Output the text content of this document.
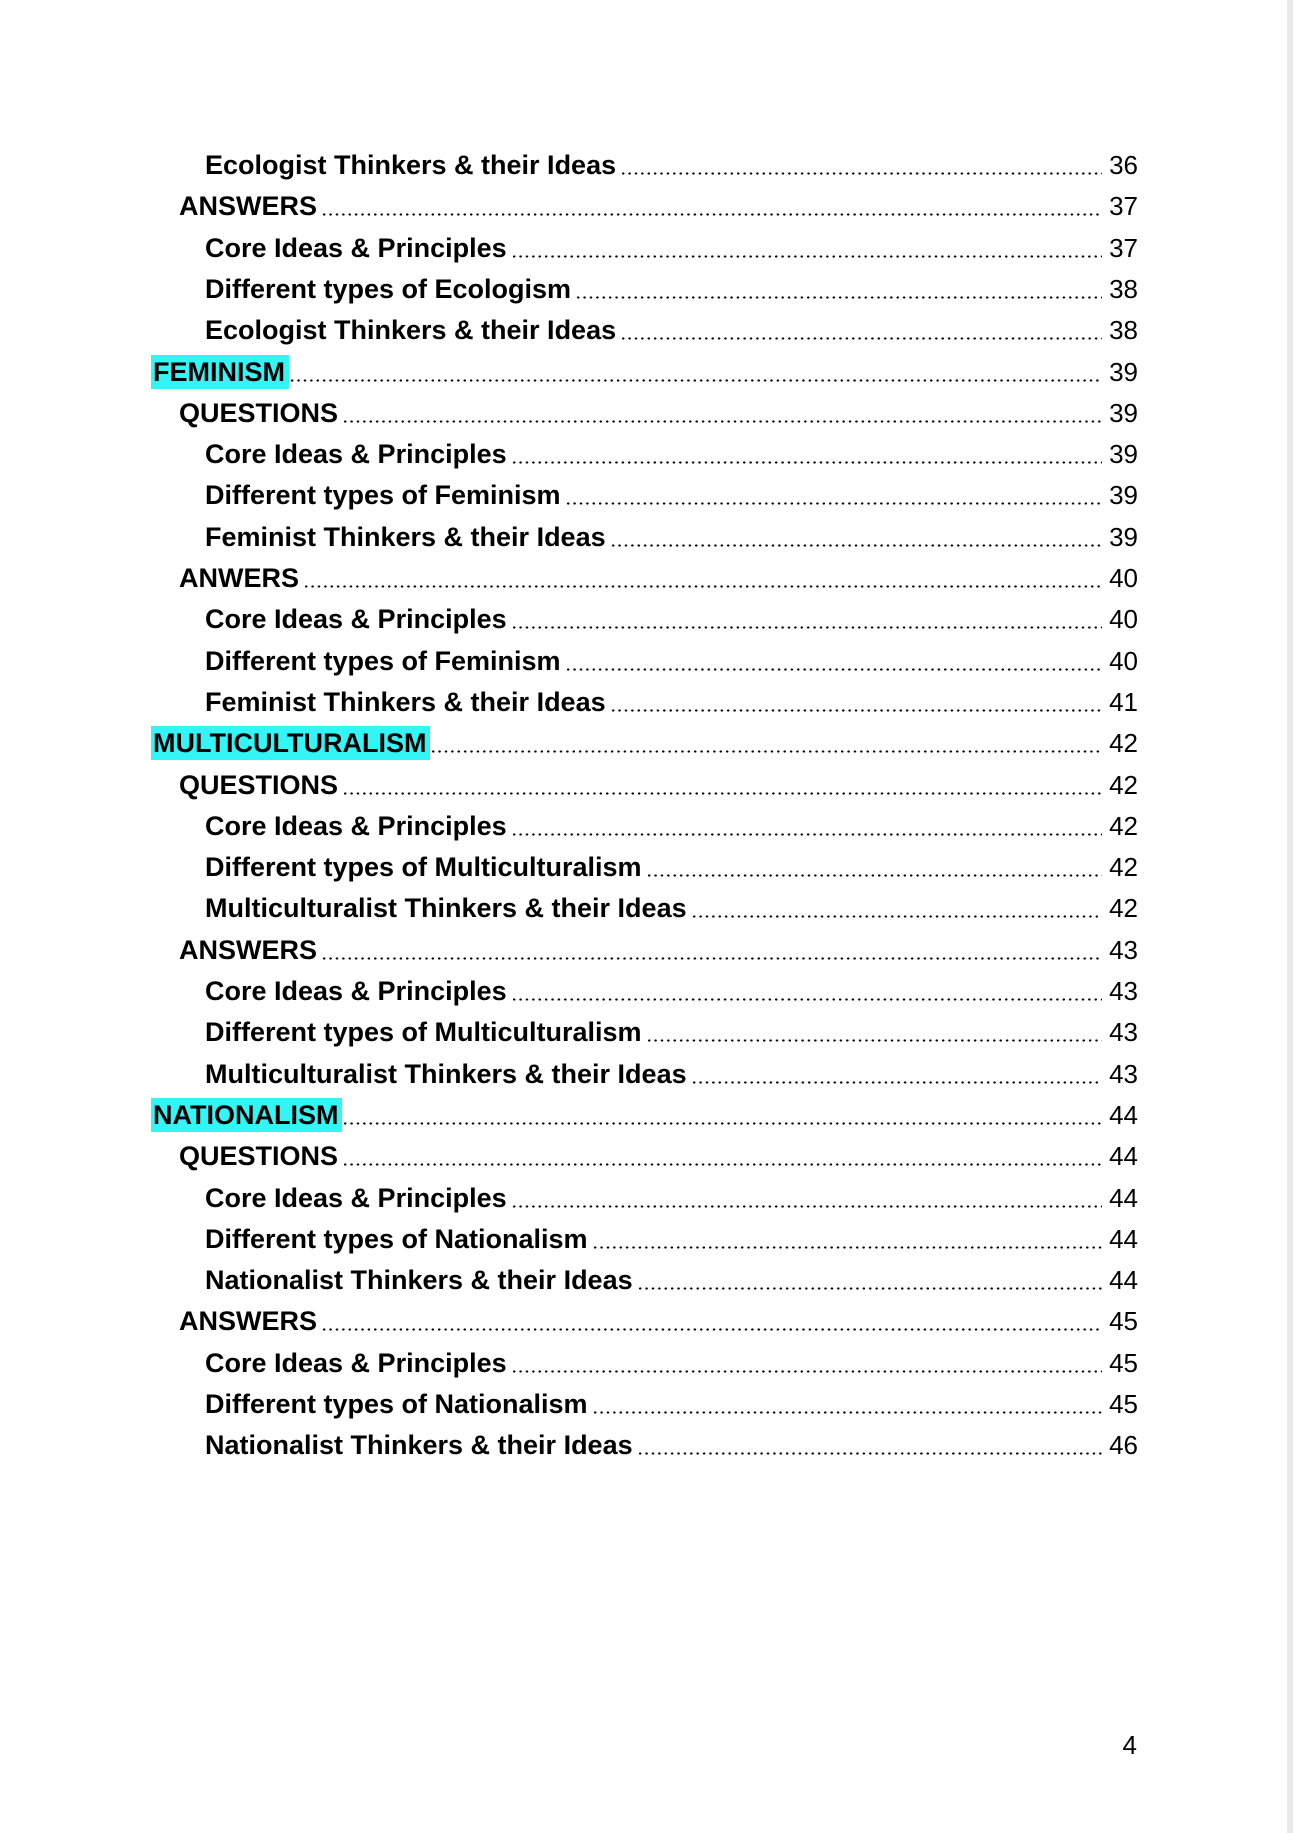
Ecologist Thinkers & their Ideas	36
ANSWERS	37
Core Ideas & Principles	37
Different types of Ecologism	38
Ecologist Thinkers & their Ideas	38
FEMINISM	39
QUESTIONS	39
Core Ideas & Principles	39
Different types of Feminism	39
Feminist Thinkers & their Ideas	39
ANWERS	40
Core Ideas & Principles	40
Different types of Feminism	40
Feminist Thinkers & their Ideas	41
MULTICULTURALISM	42
QUESTIONS	42
Core Ideas & Principles	42
Different types of Multiculturalism	42
Multiculturalist Thinkers & their Ideas	42
ANSWERS	43
Core Ideas & Principles	43
Different types of Multiculturalism	43
Multiculturalist Thinkers & their Ideas	43
NATIONALISM	44
QUESTIONS	44
Core Ideas & Principles	44
Different types of Nationalism	44
Nationalist Thinkers & their Ideas	44
ANSWERS	45
Core Ideas & Principles	45
Different types of Nationalism	45
Nationalist Thinkers & their Ideas	46
4
